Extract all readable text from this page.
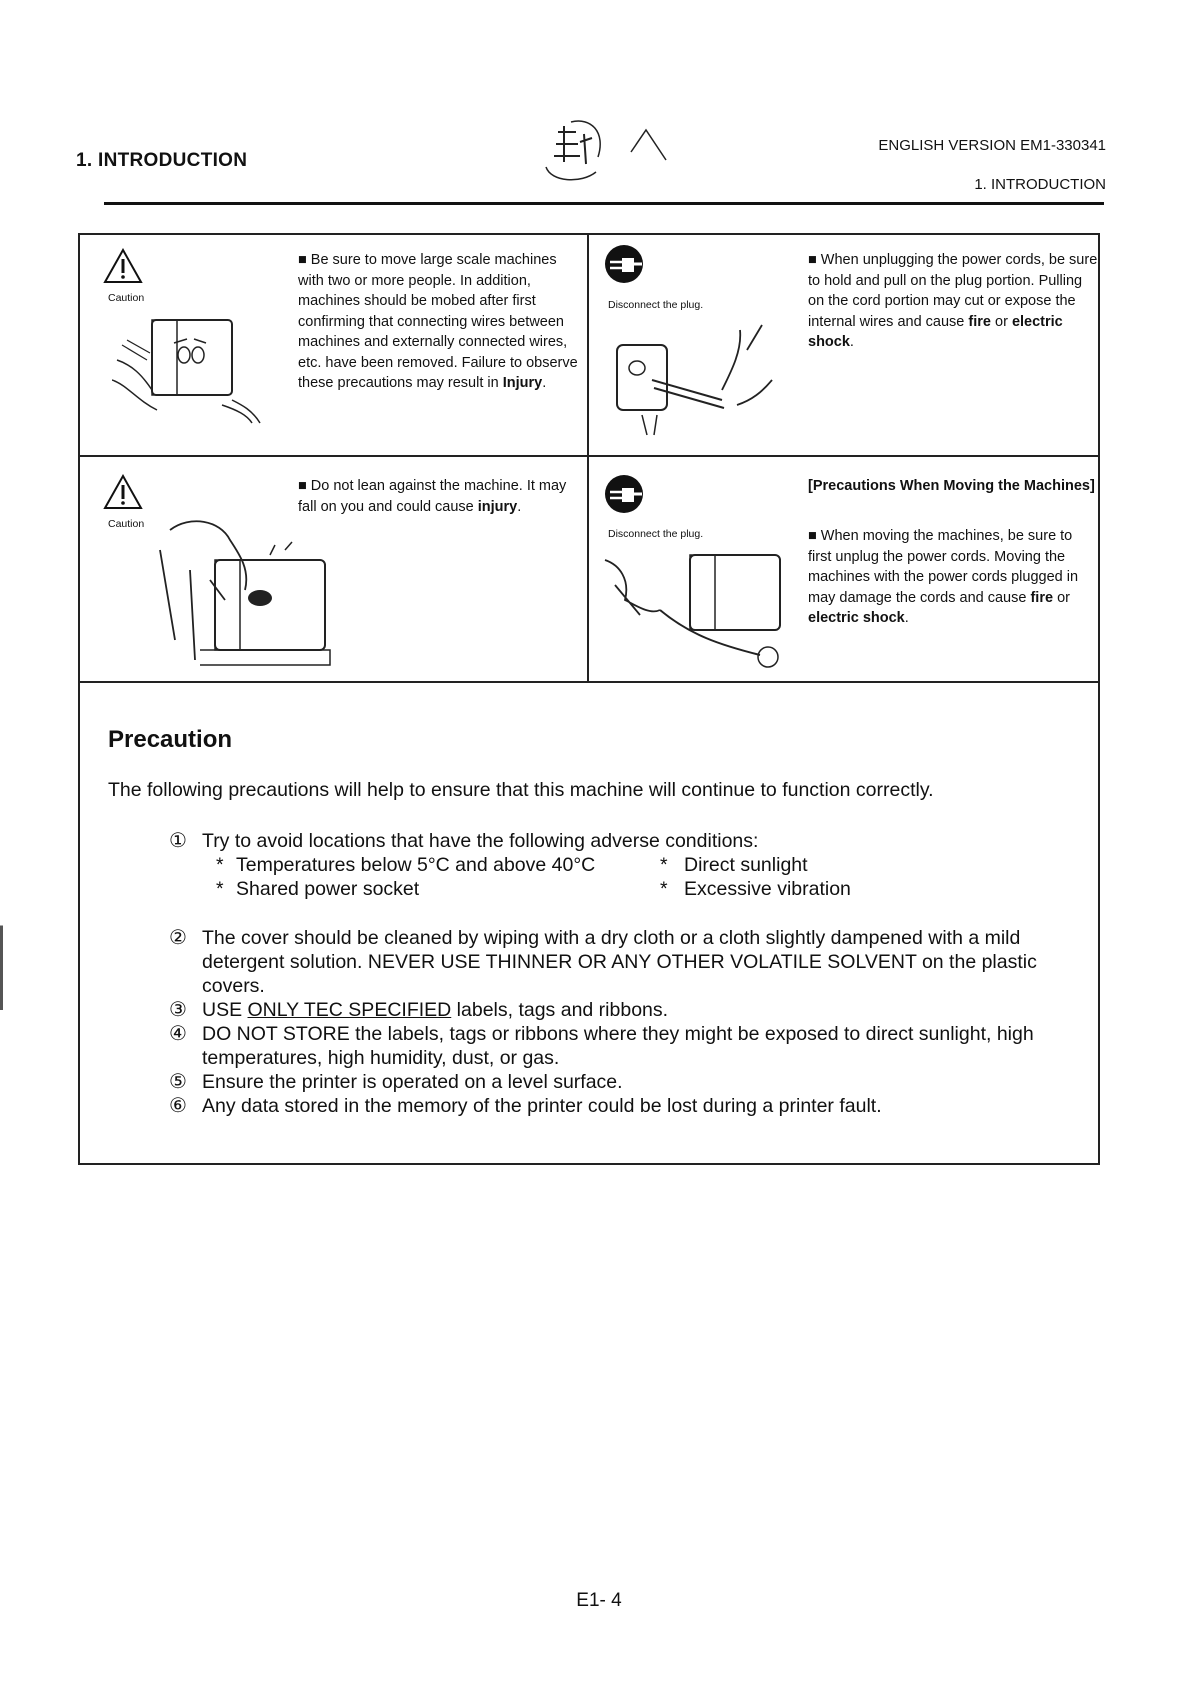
1. INTRODUCTION
ENGLISH VERSION EM1-330341
1. INTRODUCTION
Caution
■ Be sure to move large scale machines with two or more people. In addition, machines should be mobed after first confirming that connecting wires between machines and externally connected wires, etc. have been removed. Failure to observe these precautions may result in Injury.
Disconnect the plug.
■ When unplugging the power cords, be sure to hold and pull on the plug portion. Pulling on the cord portion may cut or expose the internal wires and cause fire or electric shock.
Caution
■ Do not lean against the machine. It may fall on you and could cause injury.
Disconnect the plug.
[Precautions When Moving the Machines]
■ When moving the machines, be sure to first unplug the power cords. Moving the machines with the power cords plugged in may damage the cords and cause fire or electric shock.
Precaution
The following precautions will help to ensure that this machine will continue to function correctly.
① Try to avoid locations that have the following adverse conditions:
* Temperatures below 5°C and above 40°C	* Direct sunlight
* Shared power socket	* Excessive vibration
② The cover should be cleaned by wiping with a dry cloth or a cloth slightly dampened with a mild detergent solution. NEVER USE THINNER OR ANY OTHER VOLATILE SOLVENT on the plastic covers.
③ USE ONLY TEC SPECIFIED labels, tags and ribbons.
④ DO NOT STORE the labels, tags or ribbons where they might be exposed to direct sunlight, high temperatures, high humidity, dust, or gas.
⑤ Ensure the printer is operated on a level surface.
⑥ Any data stored in the memory of the printer could be lost during a printer fault.
E1- 4
